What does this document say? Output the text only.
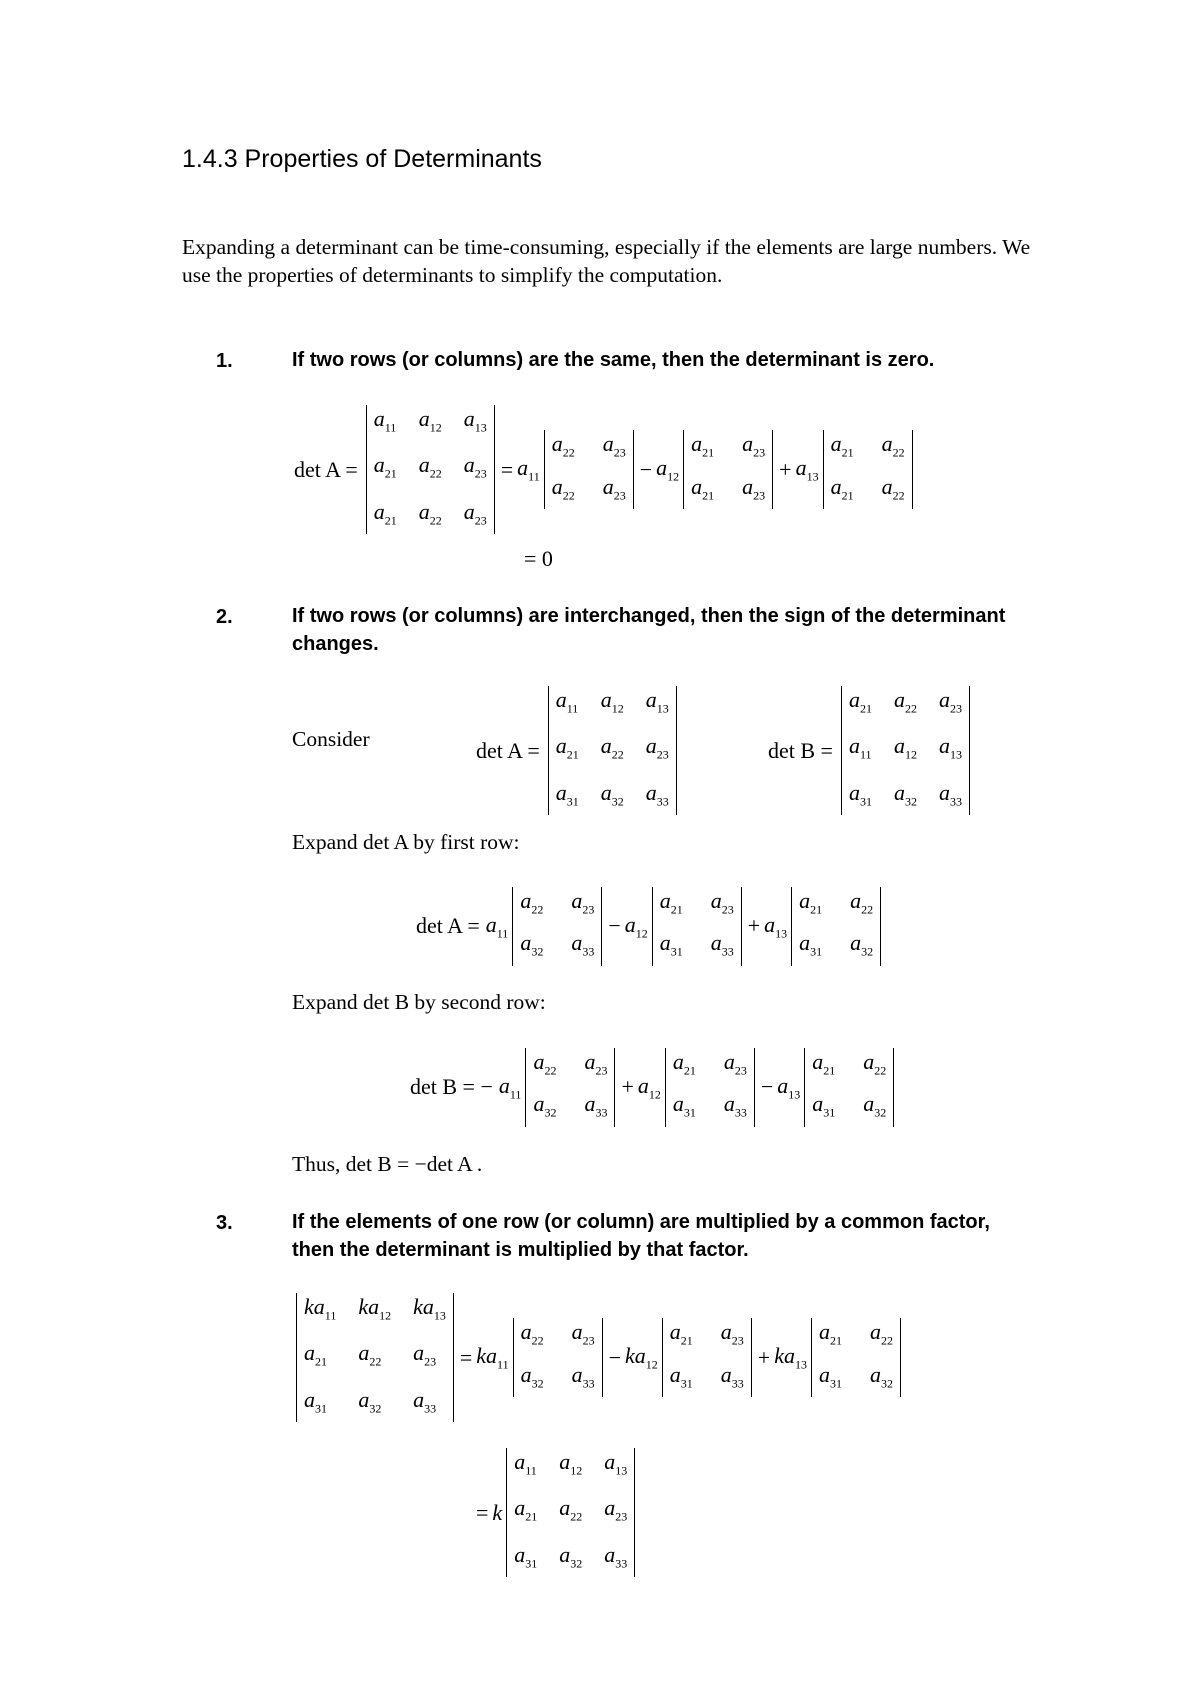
1.4.3 Properties of Determinants
Expanding a determinant can be time-consuming, especially if the elements are large numbers. We use the properties of determinants to simplify the computation.
1.	If two rows (or columns) are the same, then the determinant is zero.
det A =
$a_{11}$ $a_{12}$ $a_{13}$
$a_{21}$ $a_{22}$ $a_{23}$
$a_{21}$ $a_{22}$ $a_{23}$
= $a_{11}$
$a_{22}$ $a_{23}$
$a_{22}$ $a_{23}$
− $a_{12}$
$a_{21}$ $a_{23}$
$a_{21}$ $a_{23}$
+ $a_{13}$
$a_{21}$ $a_{22}$
$a_{21}$ $a_{22}$
= 0
2.	If two rows (or columns) are interchanged, then the sign of the determinant changes.
Consider	det A =
$a_{11}$ $a_{12}$ $a_{13}$
$a_{21}$ $a_{22}$ $a_{23}$
$a_{31}$ $a_{32}$ $a_{33}$
det B =
$a_{21}$ $a_{22}$ $a_{23}$
$a_{11}$ $a_{12}$ $a_{13}$
$a_{31}$ $a_{32}$ $a_{33}$
Expand det A by first row:
$\det A = a_{11}$
$a_{22}$ $a_{23}$
$a_{32}$ $a_{33}$
− $a_{12}$
$a_{21}$ $a_{23}$
$a_{31}$ $a_{33}$
+ $a_{13}$
$a_{21}$ $a_{22}$
$a_{31}$ $a_{32}$
Expand det B by second row:
det B = − $a_{11}$
$a_{22}$ $a_{23}$
$a_{32}$ $a_{33}$
+ $a_{12}$
$a_{21}$ $a_{23}$
$a_{31}$ $a_{33}$
− $a_{13}$
$a_{21}$ $a_{22}$
$a_{31}$ $a_{32}$
Thus, det B = −det A .
3.	If the elements of one row (or column) are multiplied by a common factor, then the determinant is multiplied by that factor.
$ka_{11}$ $ka_{12}$ $ka_{13}$
$a_{21}$	$a_{22}$	$a_{23}$
$a_{31}$	$a_{32}$	$a_{33}$
= $ka_{11}$
$a_{22}$ $a_{23}$
$a_{32}$ $a_{33}$
− $ka_{12}$
$a_{21}$ $a_{23}$
$a_{31}$ $a_{33}$
+ $ka_{13}$
$a_{21}$ $a_{22}$
$a_{31}$ $a_{32}$
= k
$a_{11}$ $a_{12}$ $a_{13}$
$a_{21}$ $a_{22}$ $a_{23}$
$a_{31}$ $a_{32}$ $a_{33}$
